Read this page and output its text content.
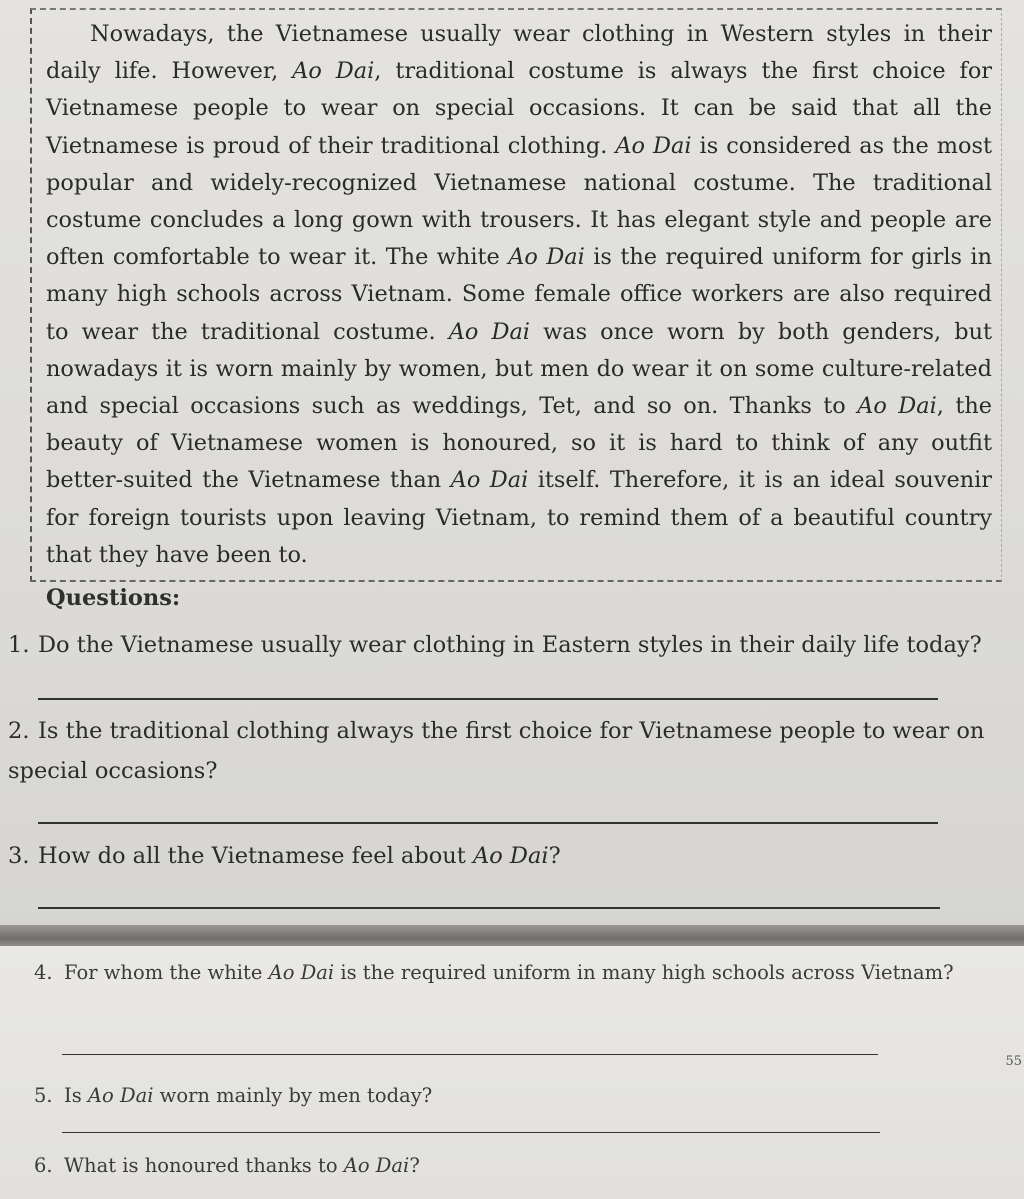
Nowadays, the Vietnamese usually wear clothing in Western styles in their daily life. However, Ao Dai, traditional costume is always the first choice for Vietnamese people to wear on special occasions. It can be said that all the Vietnamese is proud of their traditional clothing. Ao Dai is considered as the most popular and widely-recognized Vietnamese national costume. The traditional costume concludes a long gown with trousers. It has elegant style and people are often comfortable to wear it. The white Ao Dai is the required uniform for girls in many high schools across Vietnam. Some female office workers are also required to wear the traditional costume. Ao Dai was once worn by both genders, but nowadays it is worn mainly by women, but men do wear it on some culture-related and special occasions such as weddings, Tet, and so on. Thanks to Ao Dai, the beauty of Vietnamese women is honoured, so it is hard to think of any outfit better-suited the Vietnamese than Ao Dai itself. Therefore, it is an ideal souvenir for foreign tourists upon leaving Vietnam, to remind them of a beautiful country that they have been to.

Questions:
1. Do the Vietnamese usually wear clothing in Eastern styles in their daily life today?
2. Is the traditional clothing always the first choice for Vietnamese people to wear on special occasions?
3. How do all the Vietnamese feel about Ao Dai?
4. For whom the white Ao Dai is the required uniform in many high schools across Vietnam?
5. Is Ao Dai worn mainly by men today?
6. What is honoured thanks to Ao Dai?
55
